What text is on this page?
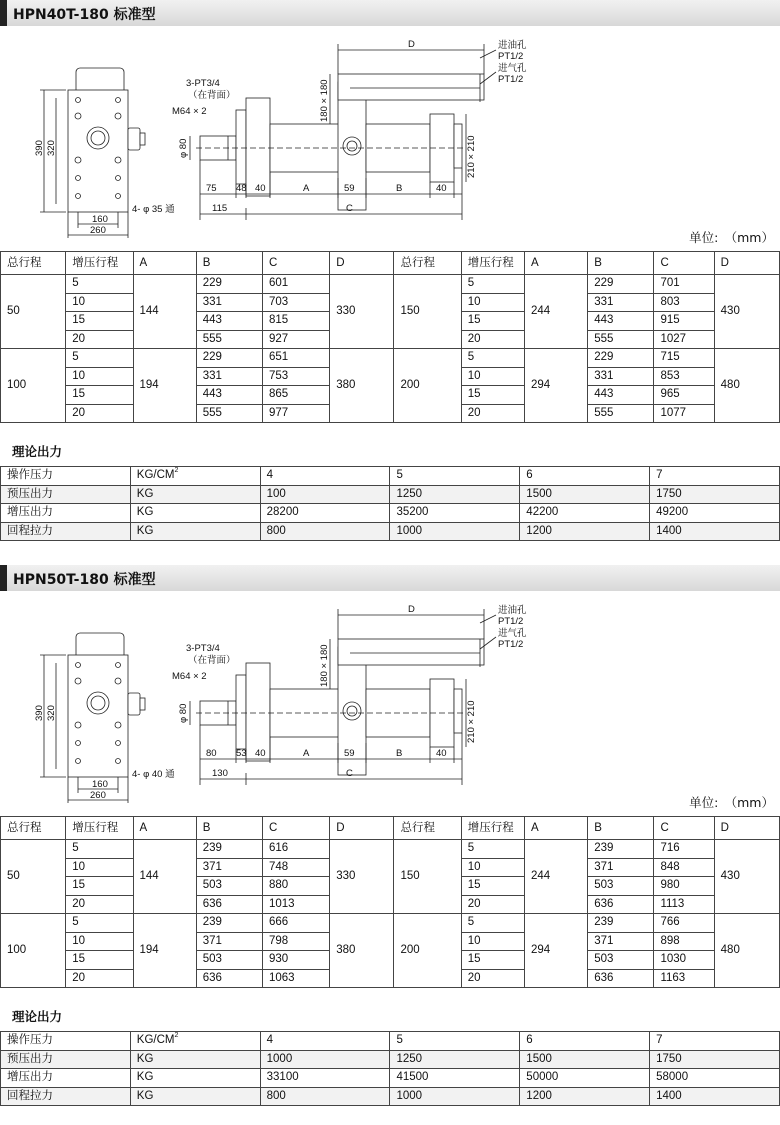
HPN40T-180 标准型
390 320
160
260
4- φ 35 通
3-PT3/4
（在背面）
M64 × 2
φ 80
180 × 180
210 × 210
75 48 40	A	59	B	40
115	C
D	进油孔
PT1/2
进气孔
PT1/2
单位:　（mm）
总行程	增压行程	A	B	C	D	总行程	增压行程	A	B	C	D
50	5	144	229	601	330	150	5	244	229	701	430
	10		331	703			10		331	803	
	15		443	815			15		443	915	
	20		555	927			20		555	1027	
100	5	194	229	651	380	200	5	294	229	715	480
	10		331	753			10		331	853	
	15		443	865			15		443	965	
	20		555	977			20		555	1077	
理论出力
操作压力	$KG/CM^2$	4	5	6	7
预压出力	KG	100	1250	1500	1750
增压出力	KG	28200	35200	42200	49200
回程拉力	KG	800	1000	1200	1400
HPN50T-180 标准型
390 320
160
260
4- φ 40 通
3-PT3/4
（在背面）
M64 × 2
φ 80
180 × 180
210 × 210
80 53 40	A	59	B	40
130	C
D	进油孔
PT1/2
进气孔
PT1/2
单位:　（mm）
总行程	增压行程	A	B	C	D	总行程	增压行程	A	B	C	D
50	5	144	239	616	330	150	5	244	239	716	430
	10		371	748			10		371	848	
	15		503	880			15		503	980	
	20		636	1013			20		636	1113	
100	5	194	239	666	380	200	5	294	239	766	480
	10		371	798			10		371	898	
	15		503	930			15		503	1030	
	20		636	1063			20		636	1163	
理论出力
操作压力	$KG/CM^2$	4	5	6	7
预压出力	KG	1000	1250	1500	1750
增压出力	KG	33100	41500	50000	58000
回程拉力	KG	800	1000	1200	1400
